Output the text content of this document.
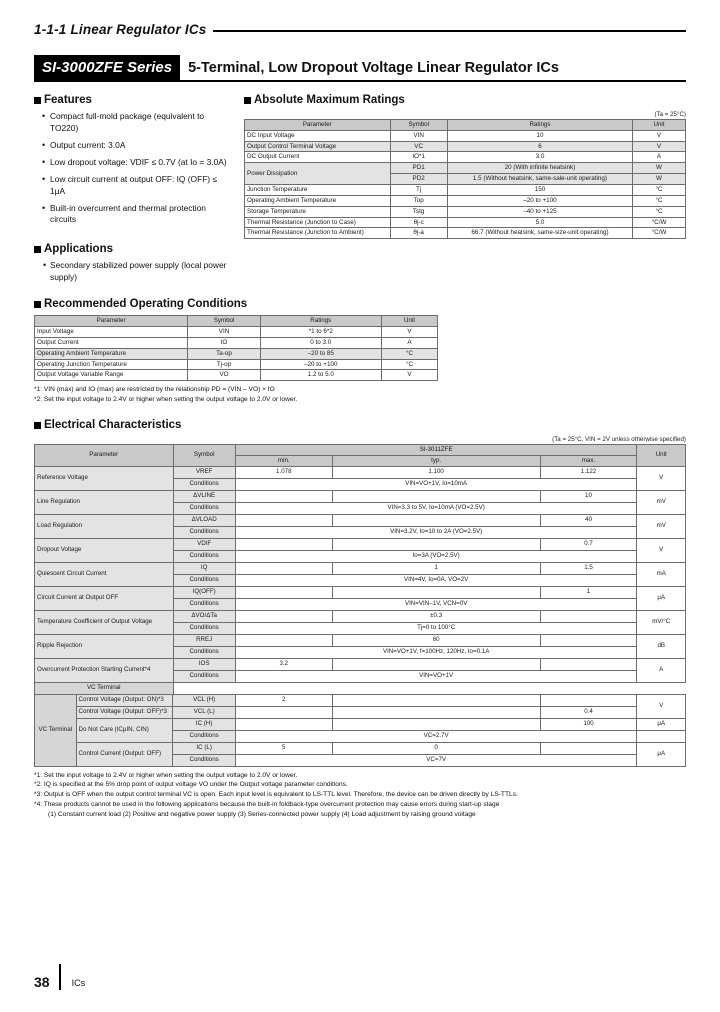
1-1-1 Linear Regulator ICs
SI-3000ZFE Series	5-Terminal, Low Dropout Voltage Linear Regulator ICs
Features
• Compact full-mold package (equivalent to TO220)
• Output current: 3.0A
• Low dropout voltage: VDIF ≤ 0.7V (at Io = 3.0A)
• Low circuit current at output OFF: IQ (OFF) ≤ 1μA
• Built-in overcurrent and thermal protection circuits
Applications
• Secondary stabilized power supply (local power supply)
Absolute Maximum Ratings
(Ta = 25°C)
Parameter	Symbol	Ratings	Unit
DC Input Voltage	VIN	10	V
Output Control Terminal Voltage	VC	6	V
DC Output Current	IO*1	3.0	A
Power Dissipation	PD1	20 (With infinite heatsink)	W
	PD2	1.5 (Without heatsink, same-sale-unit operating)	W
Junction Temperature	Tj	150	°C
Operating Ambient Temperature	Top	–20 to +100	°C
Storage Temperature	Tstg	–40 to +125	°C
Thermal Resistance (Junction to Case)	θj-c	5.0	°C/W
Thermal Resistance (Junction to Ambient)	θj-a	66.7 (Without heatsink, same-size-unit operating)	°C/W
Recommended Operating Conditions
Parameter	Symbol	Ratings	Unit
Input Voltage	VIN	*1 to 6*2	V
Output Current	IO	0 to 3.0	A
Operating Ambient Temperature	Ta-op	–20 to 85	°C
Operating Junction Temperature	Tj-op	–20 to +100	°C
Output Voltage Variable Range	VO	1.2 to 5.0	V
*1: VIN (max) and IO (max) are restricted by the relationship PD = (VIN – VO) × IO
*2: Set the input voltage to 2.4V or higher when setting the output voltage to 2.0V or lower.
Electrical Characteristics
(Ta = 25°C, VIN = 2V unless otherwise specified)
Parameter	Symbol	SI-3011ZFE			Unit
		min.	typ.	max.	
Reference Voltage	VREF	1.078	1.100	1.122	V
	Conditions	VIN=VO+1V, Io=10mA			
Line Regulation	ΔVLINE			10	mV
	Conditions	VIN=3.3 to 5V, Io=10mA (VO=2.5V)			
Load Regulation	ΔVLOAD			40	mV
	Conditions	VIN=3.2V, Io=10 to 2A (VO=2.5V)			
Dropout Voltage	VDIF			0.7	V
	Conditions	Io=3A (VO=2.5V)			
Quiescent Circuit Current	IQ		1	1.5	mA
	Conditions	VIN=4V, Io=0A, VO=2V			
Circuit Current at Output OFF	IQ(OFF)			1	μA
	Conditions	VIN=VIN–1V, VCN=0V			
Temperature Coefficient of Output Voltage	ΔVO/ΔTa		±0.3		mV/°C
	Conditions	Tj=0 to 100°C			
Ripple Rejection	RREJ		60		dB
	Conditions	VIN=VO+1V, f=100Hz, 120Hz, Io=0.1A			
Overcurrent Protection Starting Current*4	IOS	3.2			A
	Conditions	VIN=VO+1V			
VC Terminal					
VC Terminal	Control Voltage (Output: ON)*3	VCL (H)	2			V
	Control Voltage (Output: OFF)*3	VCL (L)			0.4	
	Do Not Care (ICμIN, CIN)	IC (H)			100	μA
		Conditions	VC=2.7V			
	Control Current (Output: OFF)	IC (L)	5	0		μA
		Conditions	VC=7V			
*1: Set the input voltage to 2.4V or higher when setting the output voltage to 2.0V or lower.
*2: IQ is specified at the 5% drop point of output voltage VO under the Output voltage parameter conditions.
*3: Output is OFF when the output control terminal VC is open. Each input level is equivalent to LS-TTL level. Therefore, the device can be driven directly by LS-TTLs.
*4: These products cannot be used in the following applications because the built-in foldback-type overcurrent protection may cause errors during start-up stage
(1) Constant current load (2) Positive and negative power supply (3) Series-connected power supply (4) Load adjustment by raising ground voltage
38 ICs
